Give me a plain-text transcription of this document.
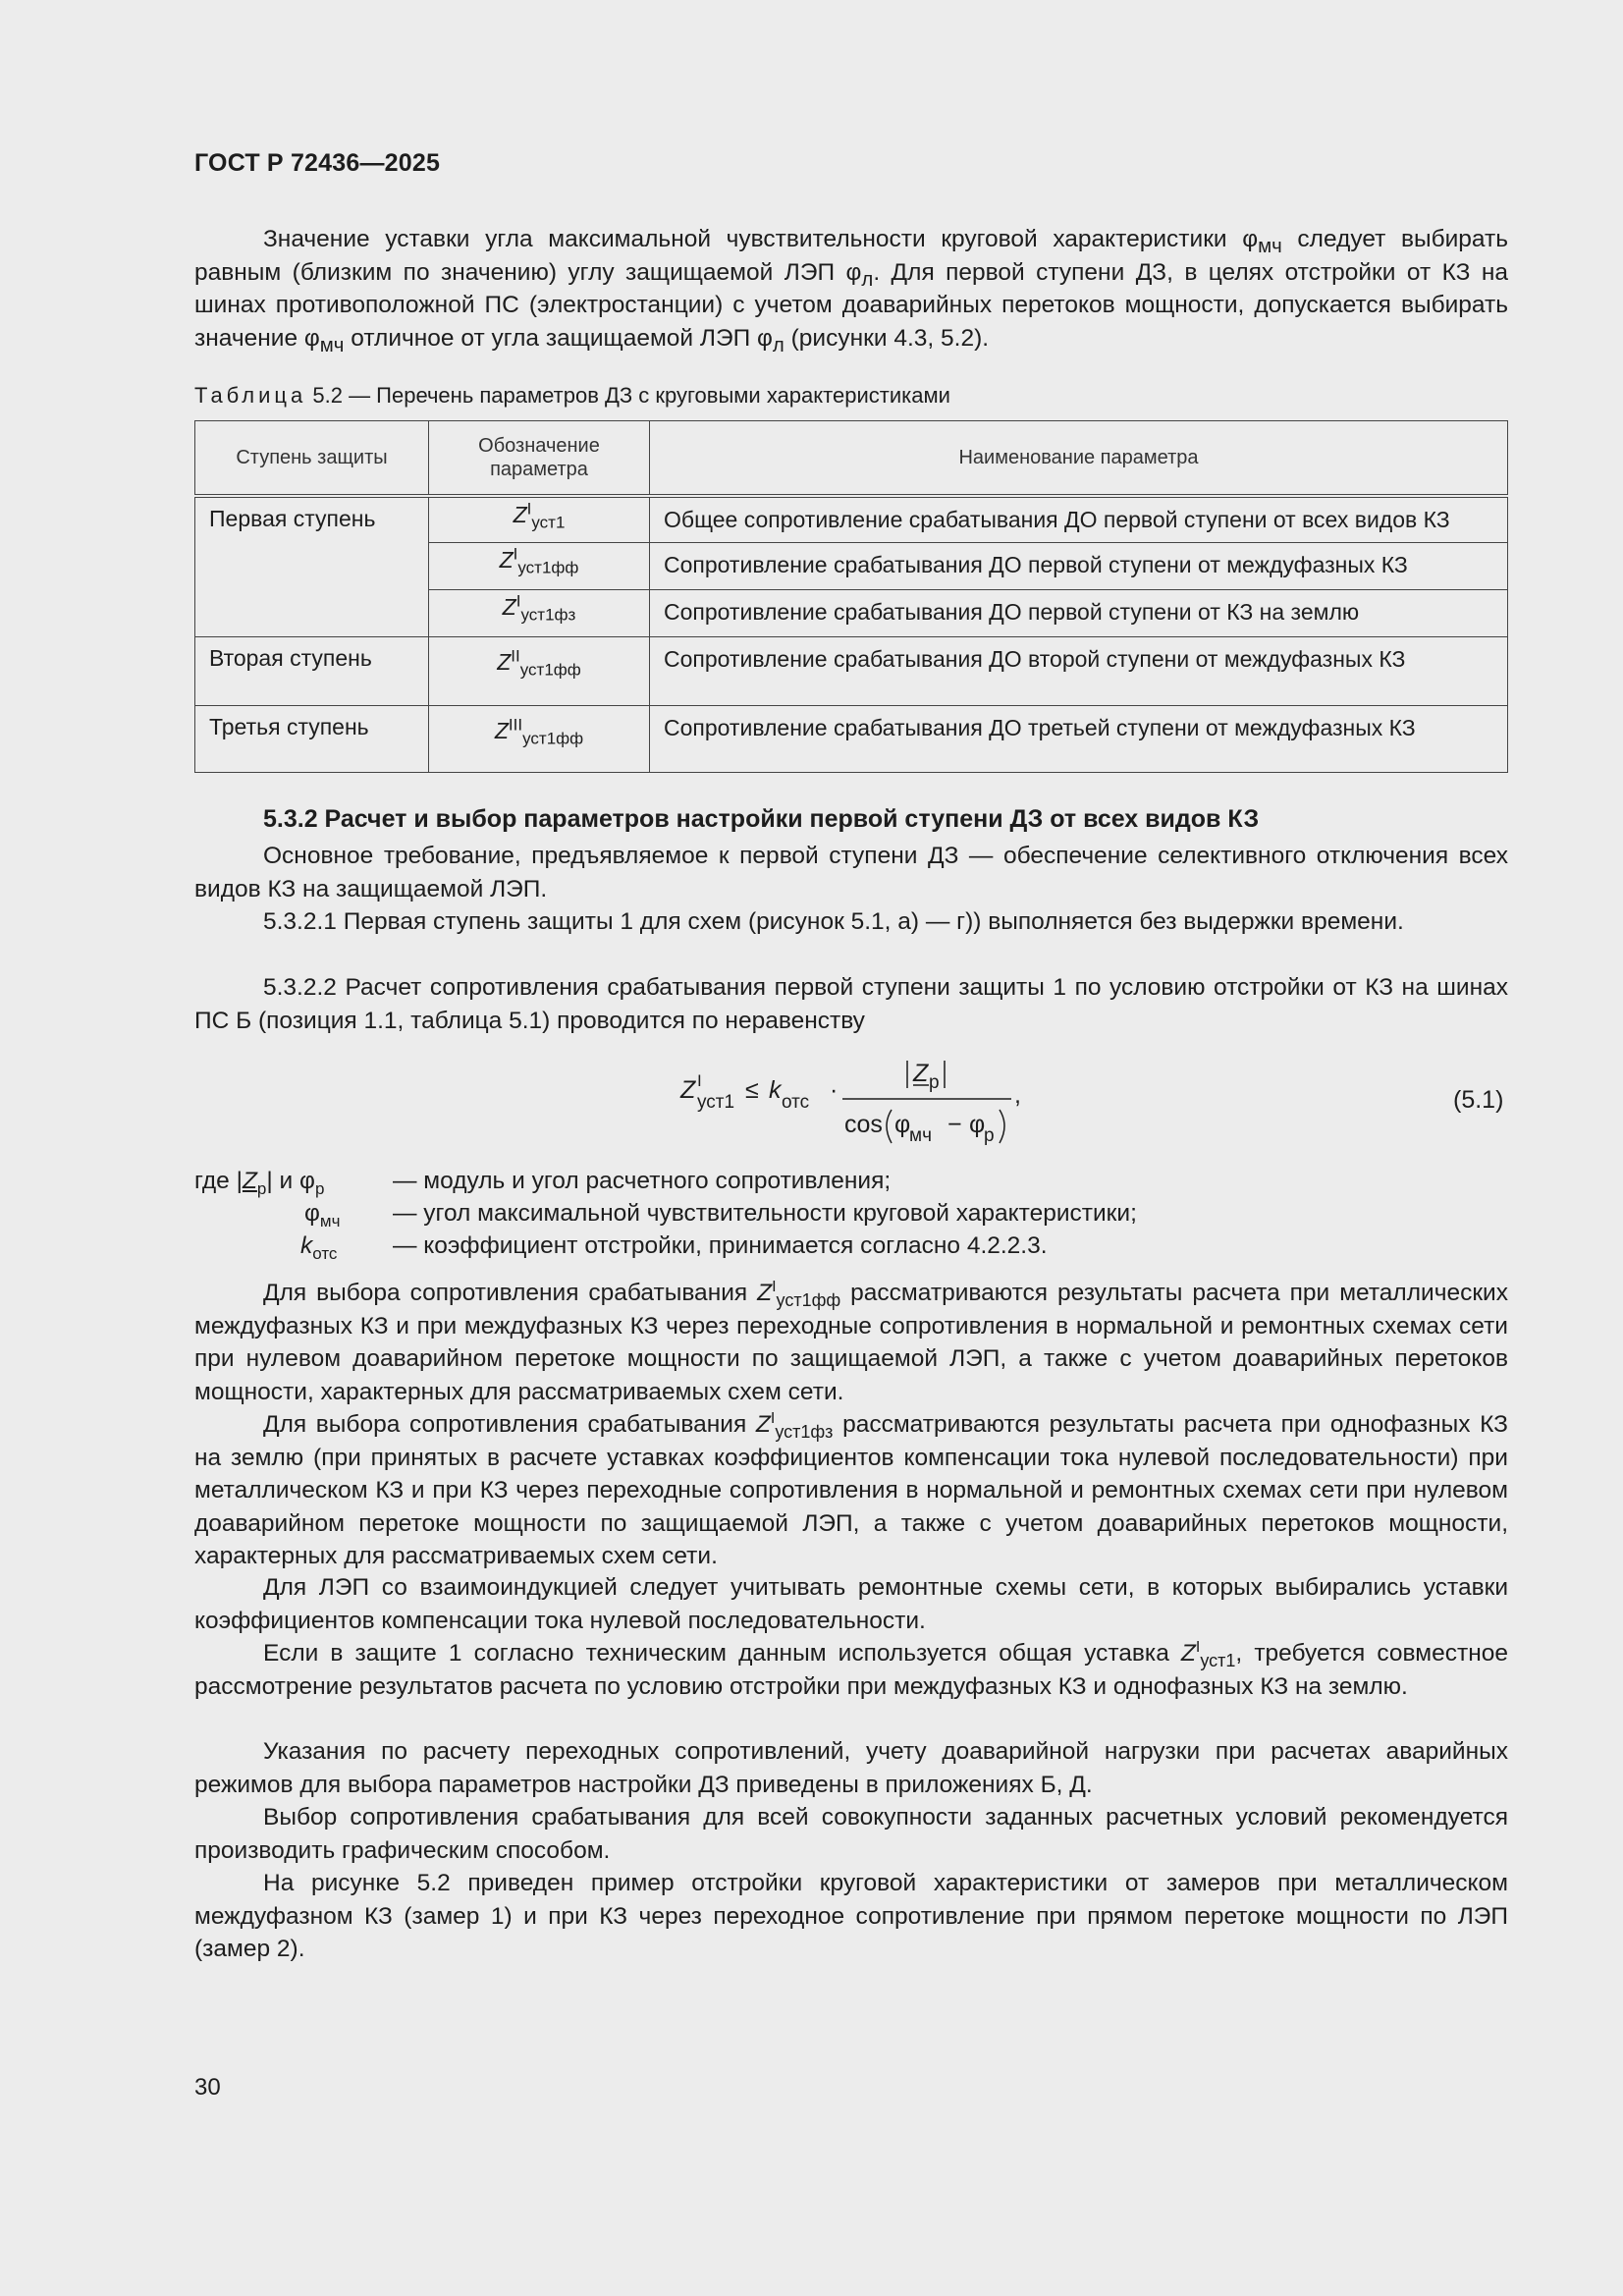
ГОСТ Р 72436—2025

Значение уставки угла максимальной чувствительности круговой характеристики $\varphi_{мч}$ следует выбирать равным (близким по значению) углу защищаемой ЛЭП $\varphi_л$. Для первой ступени ДЗ, в целях отстройки от КЗ на шинах противоположной ПС (электростанции) с учетом доаварийных перетоков мощности, допускается выбирать значение $\varphi_{мч}$ отличное от угла защищаемой ЛЭП $\varphi_л$ (рисунки 4.3, 5.2).

Таблица 5.2 — Перечень параметров ДЗ с круговыми характеристиками
Ступень защиты	Обозначение параметра	Наименование параметра
Первая ступень	$Z^I_{уст1}$	Общее сопротивление срабатывания ДО первой ступени от всех видов КЗ
	$Z^I_{уст1фф}$	Сопротивление срабатывания ДО первой ступени от междуфазных КЗ
	$Z^I_{уст1фз}$	Сопротивление срабатывания ДО первой ступени от КЗ на землю
Вторая ступень	$Z^{II}_{уст1фф}$	Сопротивление срабатывания ДО второй ступени от междуфазных КЗ
Третья ступень	$Z^{III}_{уст1фф}$	Сопротивление срабатывания ДО третьей ступени от междуфазных КЗ
5.3.2 Расчет и выбор параметров настройки первой ступени ДЗ от всех видов КЗ

Основное требование, предъявляемое к первой ступени ДЗ — обеспечение селективного отключения всех видов КЗ на защищаемой ЛЭП.

5.3.2.1 Первая ступень защиты 1 для схем (рисунок 5.1, а) — г)) выполняется без выдержки времени.

5.3.2.2 Расчет сопротивления срабатывания первой ступени защиты 1 по условию отстройки от КЗ на шинах ПС Б (позиция 1.1, таблица 5.1) проводится по неравенству

Z I
уст1 ≤ k отс ·
Z р
cos φ
мч − φ
р
,	(5.1)
где $|Z_р|$ и $\varphi_р$	— модуль и угол расчетного сопротивления;
$\varphi_{мч}$ — угол максимальной чувствительности круговой характеристики;
$k_{отс}$ — коэффициент отстройки, принимается согласно 4.2.2.3.

Для выбора сопротивления срабатывания $Z^I_{уст1фф}$ рассматриваются результаты расчета при металлических междуфазных КЗ и при междуфазных КЗ через переходные сопротивления в нормальной и ремонтных схемах сети при нулевом доаварийном перетоке мощности по защищаемой ЛЭП, а также с учетом доаварийных перетоков мощности, характерных для рассматриваемых схем сети.

Для выбора сопротивления срабатывания $Z^I_{уст1фз}$ рассматриваются результаты расчета при однофазных КЗ на землю (при принятых в расчете уставках коэффициентов компенсации тока нулевой последовательности) при металлическом КЗ и при КЗ через переходные сопротивления в нормальной и ремонтных схемах сети при нулевом доаварийном перетоке мощности по защищаемой ЛЭП, а также с учетом доаварийных перетоков мощности, характерных для рассматриваемых схем сети.

Для ЛЭП со взаимоиндукцией следует учитывать ремонтные схемы сети, в которых выбирались уставки коэффициентов компенсации тока нулевой последовательности.

Если в защите 1 согласно техническим данным используется общая уставка $Z^I_{уст1}$, требуется совместное рассмотрение результатов расчета по условию отстройки при междуфазных КЗ и однофазных КЗ на землю.

Указания по расчету переходных сопротивлений, учету доаварийной нагрузки при расчетах аварийных режимов для выбора параметров настройки ДЗ приведены в приложениях Б, Д.

Выбор сопротивления срабатывания для всей совокупности заданных расчетных условий рекомендуется производить графическим способом.

На рисунке 5.2 приведен пример отстройки круговой характеристики от замеров при металлическом междуфазном КЗ (замер 1) и при КЗ через переходное сопротивление при прямом перетоке мощности по ЛЭП (замер 2).

30
